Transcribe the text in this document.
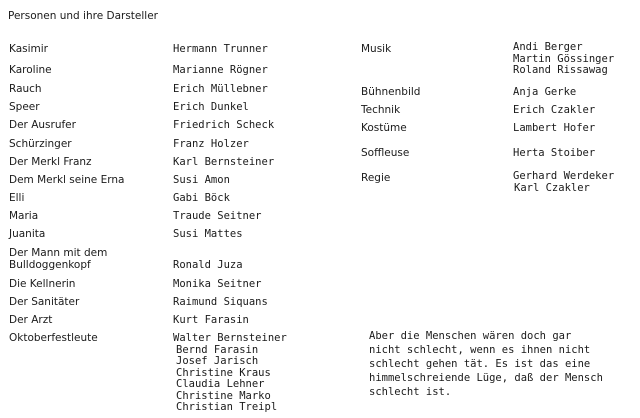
Personen und ihre Darsteller
Kasimir
Karoline
Rauch
Speer
Der Ausrufer
Schürzinger
Der Merkl Franz
Dem Merkl seine Erna
Elli
Maria
Juanita
Der Mann mit dem
Bulldoggenkopf
Die Kellnerin
Der Sanitäter
Der Arzt
Oktoberfestleute
Hermann Trunner
Marianne Rögner
Erich Müllebner
Erich Dunkel
Friedrich Scheck
Franz Holzer
Karl Bernsteiner
Susi Amon
Gabi Böck
Traude Seitner
Susi Mattes
Ronald Juza
Monika Seitner
Raimund Siquans
Kurt Farasin
Walter Bernsteiner
Bernd Farasin
Josef Jarisch
Christine Kraus
Claudia Lehner
Christine Marko
Christian Treipl
Musik
Bühnenbild
Technik
Kostüme
Soffleuse
Regie
Andi Berger
Martin Gössinger
Roland Rissawag
Anja Gerke
Erich Czakler
Lambert Hofer
Herta Stoiber
Gerhard Werdeker
Karl Czakler
Aber die Menschen wären doch gar
nicht schlecht, wenn es ihnen nicht
schlecht gehen tät. Es ist das eine
himmelschreiende Lüge, daß der Mensch
schlecht ist.
